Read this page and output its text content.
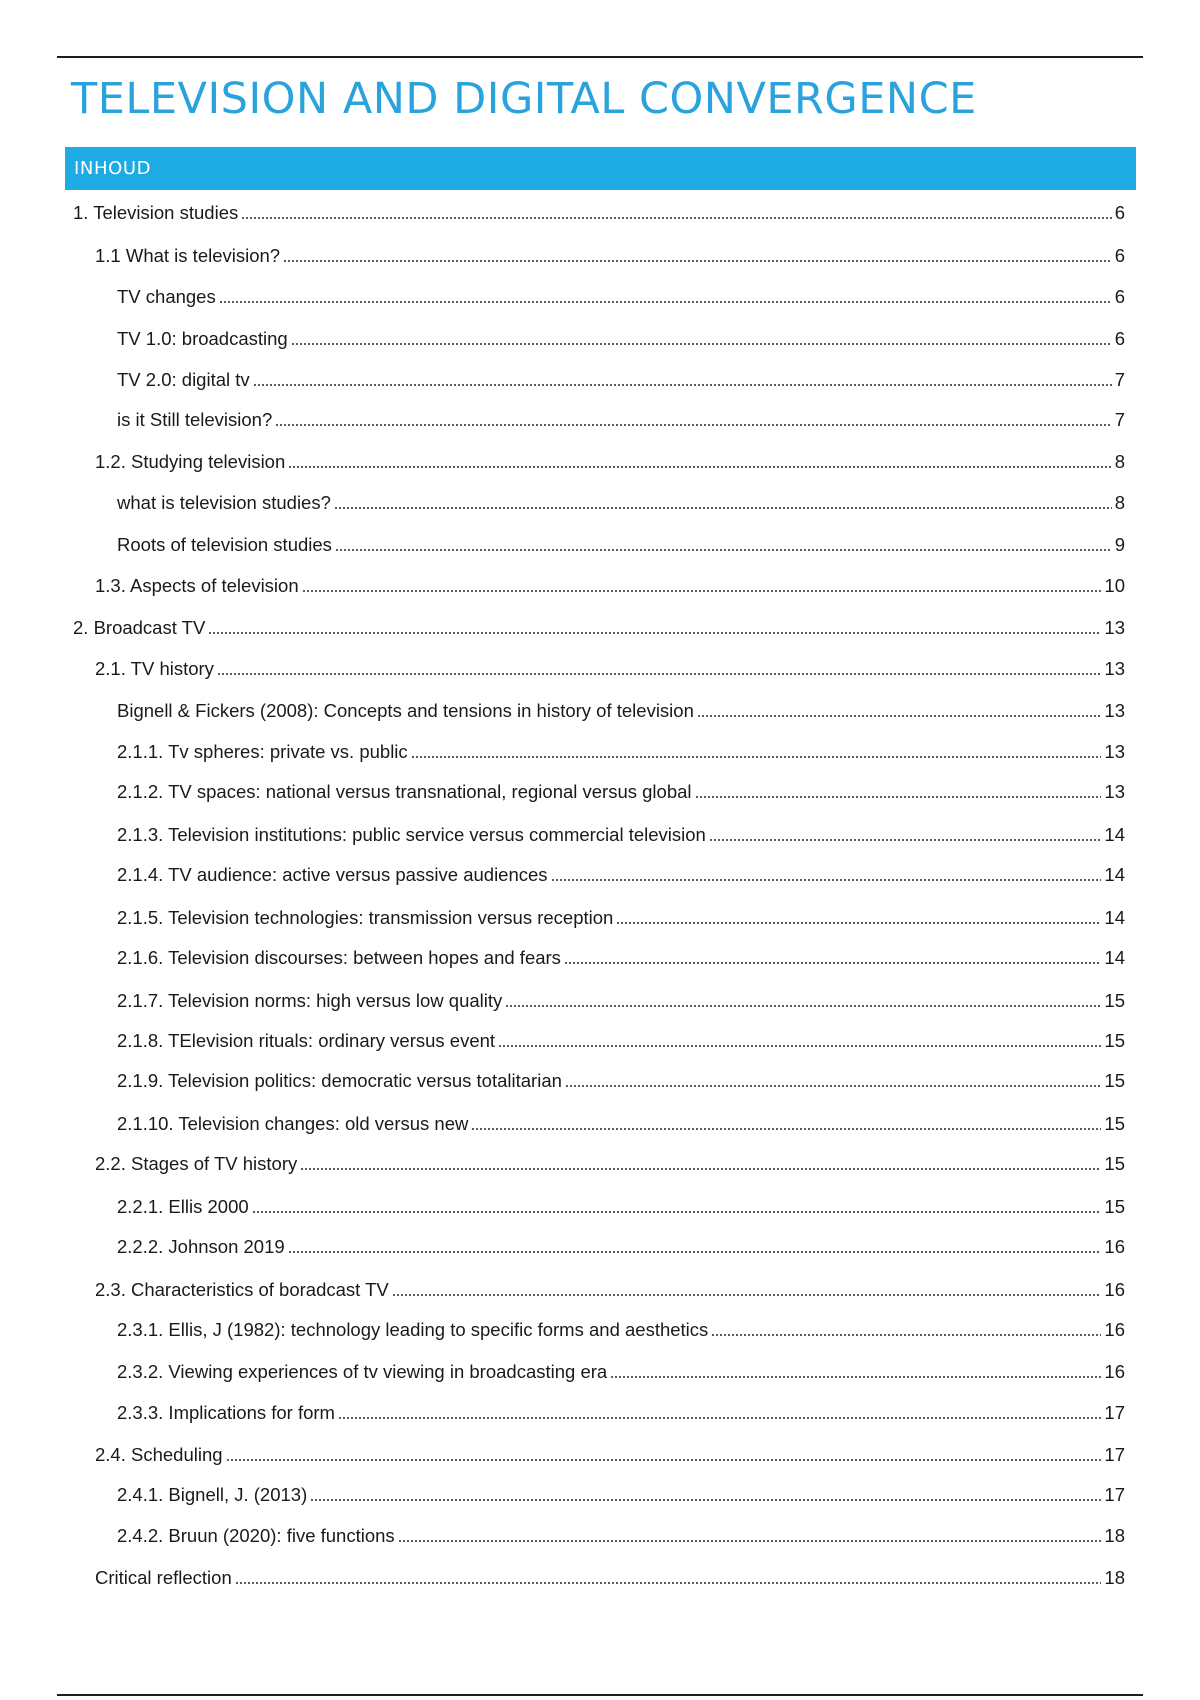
TELEVISION AND DIGITAL CONVERGENCE
INHOUD
1. Television studies	6
1.1 What is television?	6
TV changes	6
TV 1.0: broadcasting	6
TV 2.0: digital tv	7
is it Still television?	7
1.2. Studying television	8
what is television studies?	8
Roots of television studies	9
1.3. Aspects of television	10
2. Broadcast TV	13
2.1. TV history	13
Bignell & Fickers (2008): Concepts and tensions in history of television	13
2.1.1. Tv spheres: private vs. public	13
2.1.2. TV spaces: national versus transnational, regional versus global	13
2.1.3. Television institutions: public service versus commercial television	14
2.1.4. TV audience: active versus passive audiences	14
2.1.5. Television technologies: transmission versus reception	14
2.1.6. Television discourses: between hopes and fears	14
2.1.7. Television norms: high versus low quality	15
2.1.8. TElevision rituals: ordinary versus event	15
2.1.9. Television politics: democratic versus totalitarian	15
2.1.10. Television changes: old versus new	15
2.2. Stages of TV history	15
2.2.1. Ellis 2000	15
2.2.2. Johnson 2019	16
2.3. Characteristics of boradcast TV	16
2.3.1. Ellis, J (1982): technology leading to specific forms and aesthetics	16
2.3.2. Viewing experiences of tv viewing in broadcasting era	16
2.3.3. Implications for form	17
2.4. Scheduling	17
2.4.1. Bignell, J. (2013)	17
2.4.2. Bruun (2020): five functions	18
Critical reflection	18
